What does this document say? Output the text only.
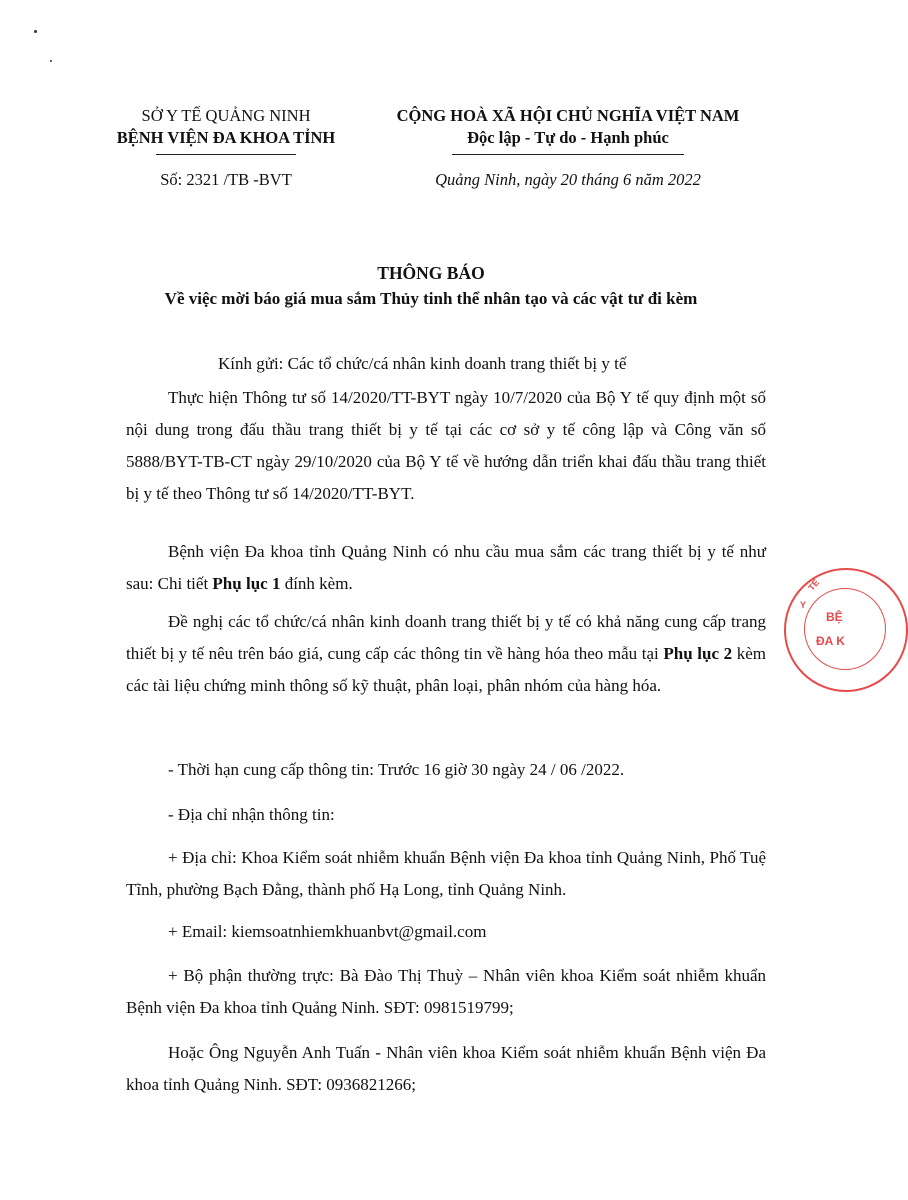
SỞ Y TẾ QUẢNG NINH
BỆNH VIỆN ĐA KHOA TỈNH
Số: 2321 /TB -BVT
CỘNG HOÀ XÃ HỘI CHỦ NGHĨA VIỆT NAM
Độc lập - Tự do - Hạnh phúc
Quảng Ninh, ngày 20 tháng 6 năm 2022
THÔNG BÁO
Về việc mời báo giá mua sắm Thủy tinh thể nhân tạo và các vật tư đi kèm
Kính gửi: Các tổ chức/cá nhân kinh doanh trang thiết bị y tế
Thực hiện Thông tư số 14/2020/TT-BYT ngày 10/7/2020 của Bộ Y tế quy định một số nội dung trong đấu thầu trang thiết bị y tế tại các cơ sở y tế công lập và Công văn số 5888/BYT-TB-CT ngày 29/10/2020 của Bộ Y tế về hướng dẫn triển khai đấu thầu trang thiết bị y tế theo Thông tư số 14/2020/TT-BYT.
Bệnh viện Đa khoa tỉnh Quảng Ninh có nhu cầu mua sắm các trang thiết bị y tế như sau: Chi tiết Phụ lục 1 đính kèm.
Đề nghị các tổ chức/cá nhân kinh doanh trang thiết bị y tế có khả năng cung cấp trang thiết bị y tế nêu trên báo giá, cung cấp các thông tin về hàng hóa theo mẫu tại Phụ lục 2 kèm các tài liệu chứng minh thông số kỹ thuật, phân loại, phân nhóm của hàng hóa.
- Thời hạn cung cấp thông tin: Trước 16 giờ 30 ngày 24 / 06 /2022.
- Địa chỉ nhận thông tin:
+ Địa chỉ: Khoa Kiểm soát nhiễm khuẩn Bệnh viện Đa khoa tỉnh Quảng Ninh, Phố Tuệ Tĩnh, phường Bạch Đằng, thành phố Hạ Long, tỉnh Quảng Ninh.
+ Email: kiemsoatnhiemkhuanbvt@gmail.com
+ Bộ phận thường trực: Bà Đào Thị Thuỳ – Nhân viên khoa Kiểm soát nhiễm khuẩn Bệnh viện Đa khoa tỉnh Quảng Ninh. SĐT: 0981519799;
Hoặc Ông Nguyễn Anh Tuấn - Nhân viên khoa Kiểm soát nhiễm khuẩn Bệnh viện Đa khoa tỉnh Quảng Ninh. SĐT: 0936821266;
BỆ
ĐA K
TẾ
Y
